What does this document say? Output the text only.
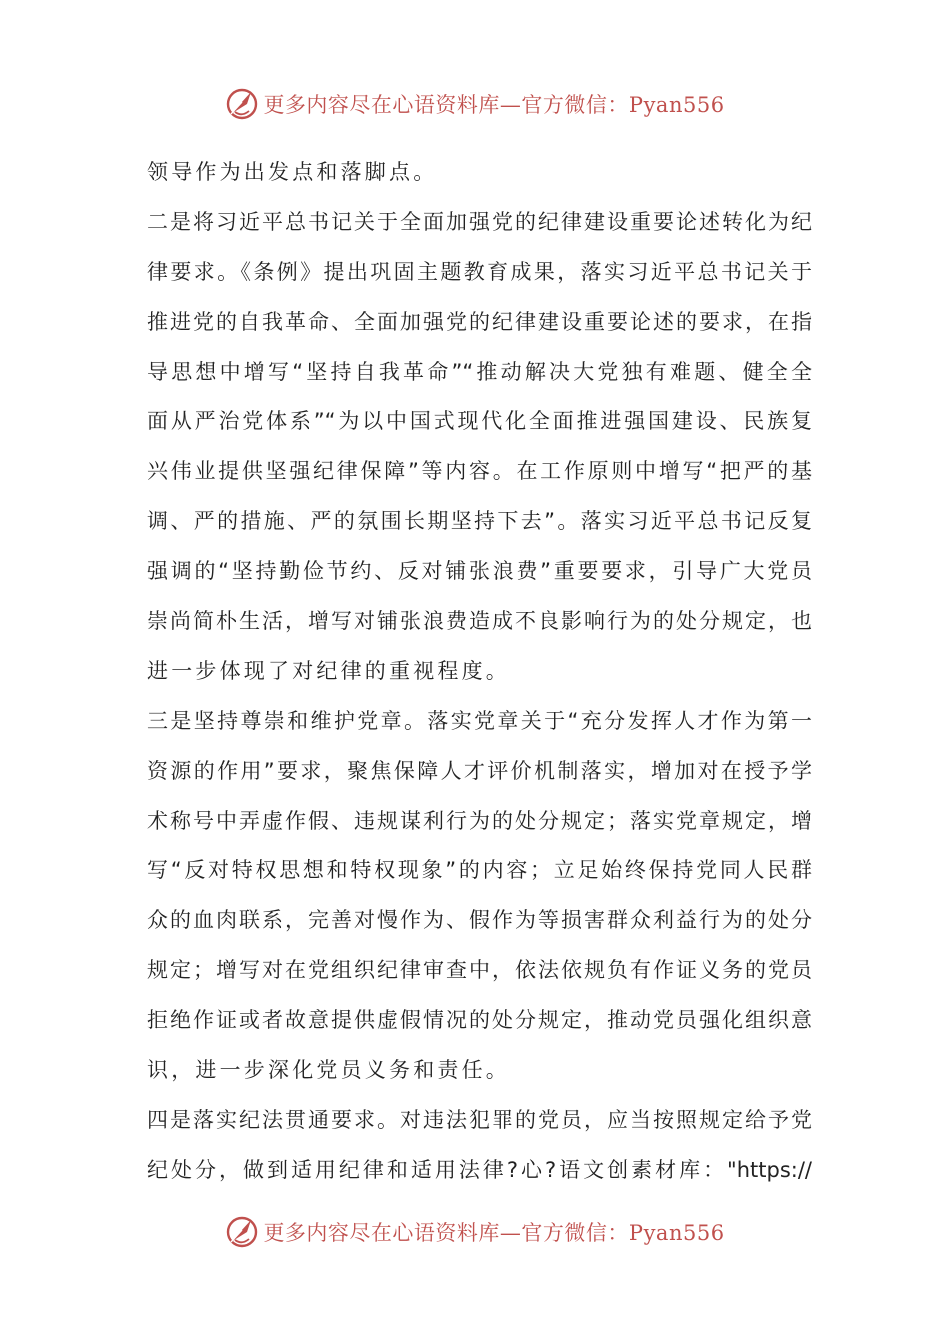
更多内容尽在心语资料库—官方微信：Pyan556
领导作为出发点和落脚点。
二是将习近平总书记关于全面加强党的纪律建设重要论述转化为纪
律要求。《条例》提出巩固主题教育成果，落实习近平总书记关于
推进党的自我革命、全面加强党的纪律建设重要论述的要求，在指
导思想中增写“坚持自我革命”“推动解决大党独有难题、健全全
面从严治党体系”“为以中国式现代化全面推进强国建设、民族复
兴伟业提供坚强纪律保障”等内容。在工作原则中增写“把严的基
调、严的措施、严的氛围长期坚持下去”。落实习近平总书记反复
强调的“坚持勤俭节约、反对铺张浪费”重要要求，引导广大党员
崇尚简朴生活，增写对铺张浪费造成不良影响行为的处分规定，也
进一步体现了对纪律的重视程度。
三是坚持尊崇和维护党章。落实党章关于“充分发挥人才作为第一
资源的作用”要求，聚焦保障人才评价机制落实，增加对在授予学
术称号中弄虚作假、违规谋利行为的处分规定；落实党章规定，增
写“反对特权思想和特权现象”的内容；立足始终保持党同人民群
众的血肉联系，完善对慢作为、假作为等损害群众利益行为的处分
规定；增写对在党组织纪律审查中，依法依规负有作证义务的党员
拒绝作证或者故意提供虚假情况的处分规定，推动党员强化组织意
识，进一步深化党员义务和责任。
四是落实纪法贯通要求。对违法犯罪的党员，应当按照规定给予党
纪处分，做到适用纪律和适用法律?心?语文创素材库："https://
更多内容尽在心语资料库—官方微信：Pyan556
